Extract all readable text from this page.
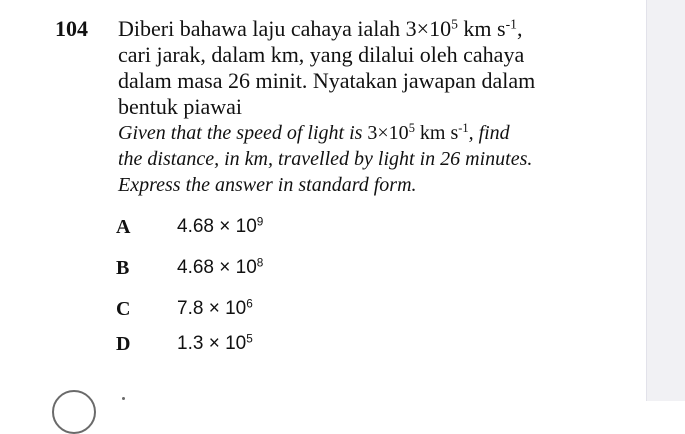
104 Diberi bahawa laju cahaya ialah $3\times 10^5$ km $s^{-1}$,
cari jarak, dalam km, yang dilalui oleh cahaya
dalam masa 26 minit. Nyatakan jawapan dalam
bentuk piawai
Given that the speed of light is $3\times 10^5$ km $s^{-1}$, find
the distance, in km, travelled by light in 26 minutes.
Express the answer in standard form.
A $4.68 \times 10^9$
B	$4.68 \times 10^8$
C $7.8 \times 10^6$
D $1.3 \times 10^5$
